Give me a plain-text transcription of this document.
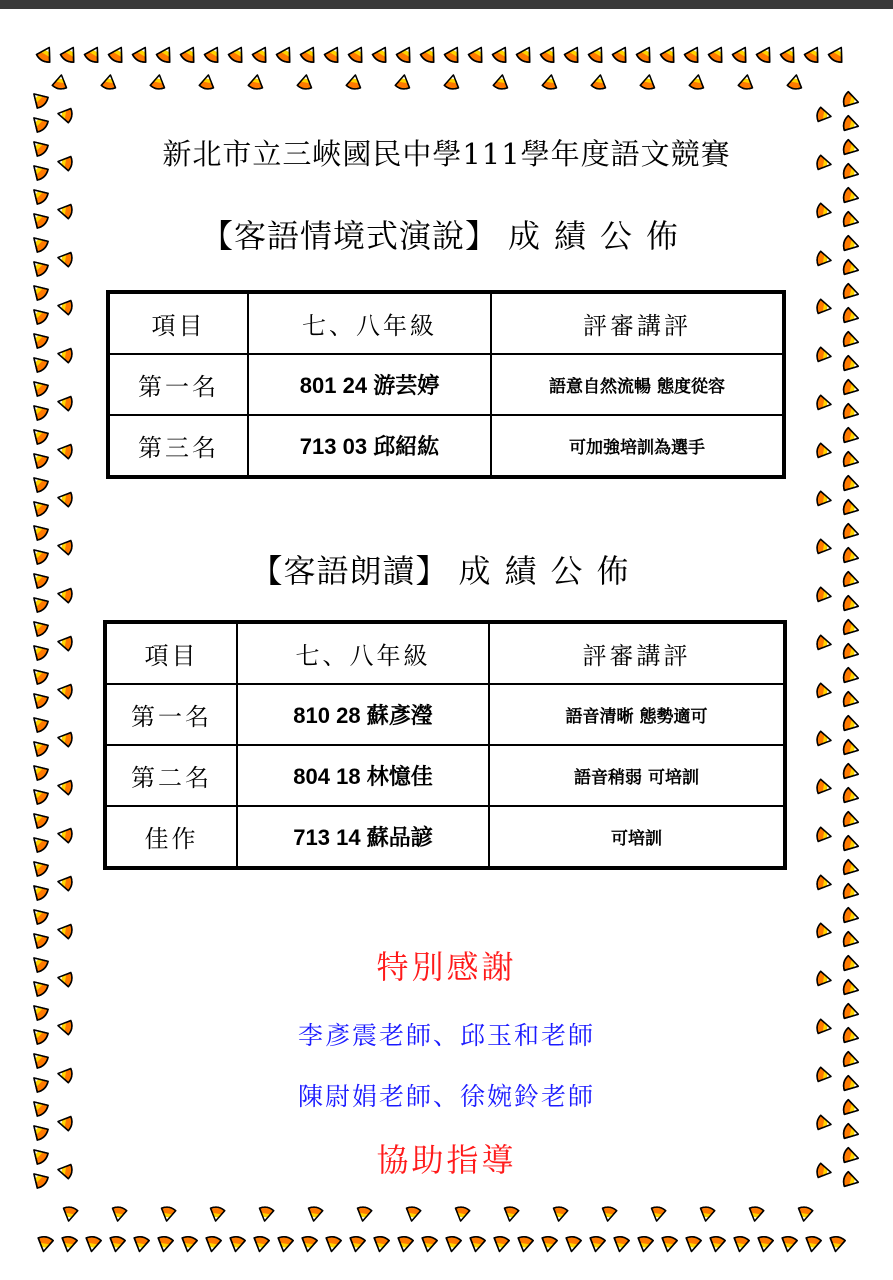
新北市立三峽國民中學111學年度語文競賽
【客語情境式演說】 成績公佈
項目	七、八年級	評審講評
第一名	801 24 游芸婷	語意自然流暢 態度從容
第三名	713 03 邱紹紘	可加強培訓為選手
【客語朗讀】 成績公佈
項目	七、八年級	評審講評
第一名	810 28 蘇彥瀅	語音清晰 態勢適可
第二名	804 18 林憶佳	語音稍弱 可培訓
佳作	713 14 蘇品諺	可培訓
特別感謝
李彥震老師、邱玉和老師
陳尉娟老師、徐婉鈴老師
協助指導
